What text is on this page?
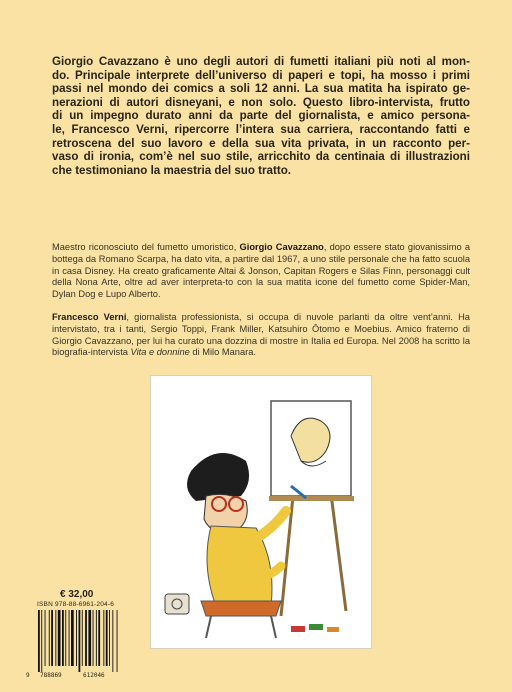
Giorgio Cavazzano è uno degli autori di fumetti italiani più noti al mon-
do. Principale interprete dell’universo di paperi e topi, ha mosso i primi
passi nel mondo dei comics a soli 12 anni. La sua matita ha ispirato ge-
nerazioni di autori disneyani, e non solo. Questo libro-intervista, frutto
di un impegno durato anni da parte del giornalista, e amico persona-
le, Francesco Verni, ripercorre l’intera sua carriera, raccontando fatti e
retroscena del suo lavoro e della sua vita privata, in un racconto per-
vaso di ironia, com’è nel suo stile, arricchito da centinaia di illustrazioni
che testimoniano la maestria del suo tratto.

Maestro riconosciuto del fumetto umoristico, Giorgio Cavazzano, dopo essere stato giovanissimo a bottega da Romano Scarpa, ha dato vita, a partire dal 1967, a uno stile personale che ha fatto scuola in casa Disney. Ha creato graficamente Altai & Jonson, Capitan Rogers e Silas Finn, personaggi cult della Nona Arte, oltre ad aver interpreta-to con la sua matita icone del fumetto come Spider-Man, Dylan Dog e Lupo Alberto.

Francesco Verni, giornalista professionista, si occupa di nuvole parlanti da oltre vent’anni. Ha intervistato, tra i tanti, Sergio Toppi, Frank Miller, Katsuhiro Ōtomo e Moebius. Amico fraterno di Giorgio Cavazzano, per lui ha curato una dozzina di mostre in Italia ed Europa. Nel 2008 ha scritto la biografia-intervista Vita e donnine di Milo Manara.

€ 32,00

ISBN 978-88-6961-204-6

9 788869	612046
